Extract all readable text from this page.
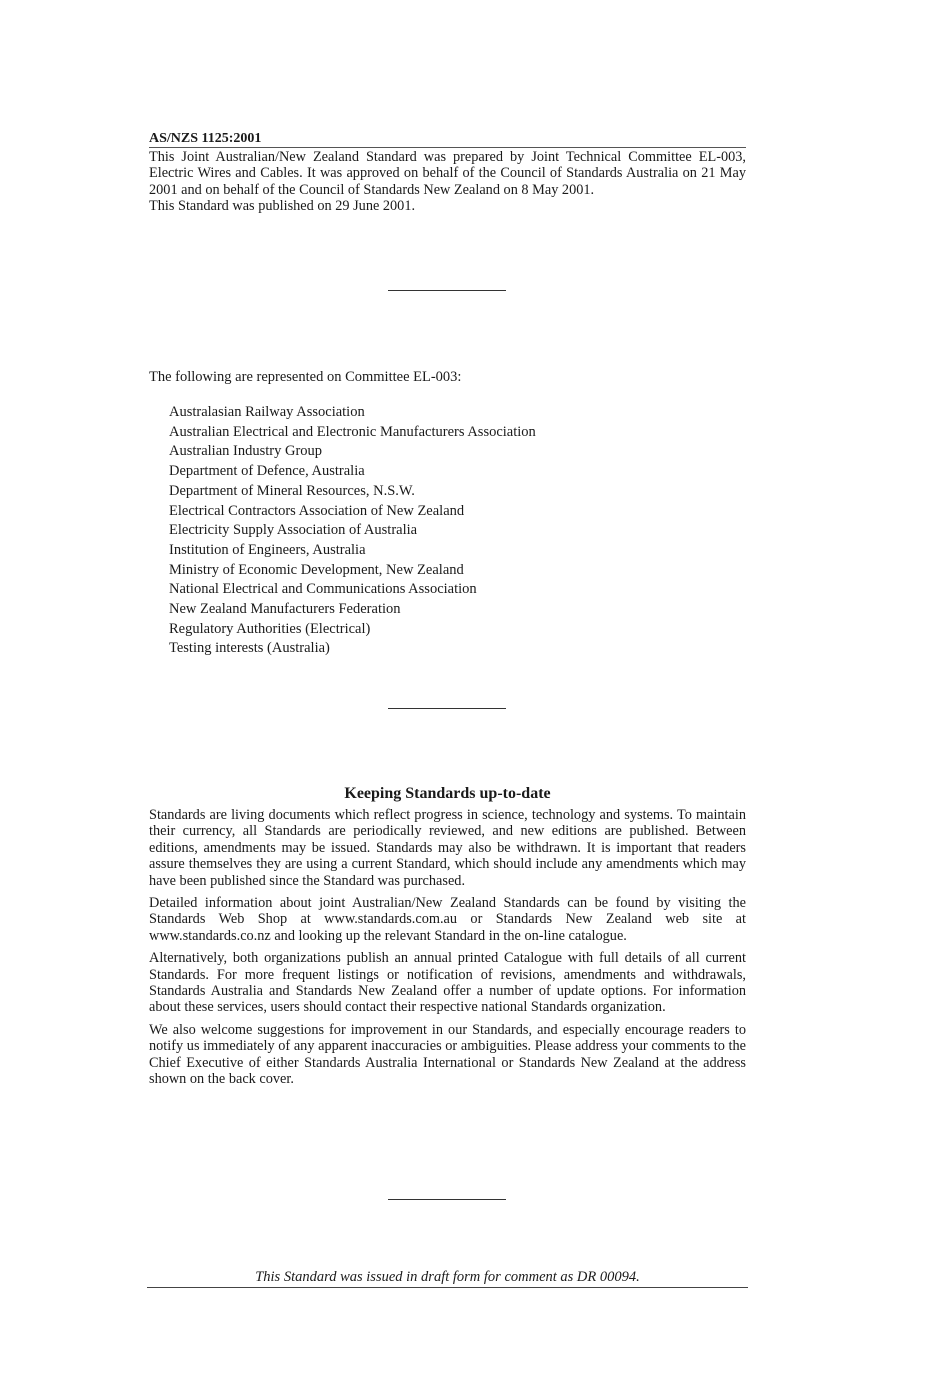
AS/NZS 1125:2001

This Joint Australian/New Zealand Standard was prepared by Joint Technical Committee EL-003, Electric Wires and Cables. It was approved on behalf of the Council of Standards Australia on 21 May 2001 and on behalf of the Council of Standards New Zealand on 8 May 2001.

This Standard was published on 29 June 2001.

The following are represented on Committee EL-003:
Australasian Railway Association
Australian Electrical and Electronic Manufacturers Association
Australian Industry Group
Department of Defence, Australia
Department of Mineral Resources, N.S.W.
Electrical Contractors Association of New Zealand
Electricity Supply Association of Australia
Institution of Engineers, Australia
Ministry of Economic Development, New Zealand
National Electrical and Communications Association
New Zealand Manufacturers Federation
Regulatory Authorities (Electrical)
Testing interests (Australia)
Keeping Standards up-to-date

Standards are living documents which reflect progress in science, technology and systems. To maintain their currency, all Standards are periodically reviewed, and new editions are published. Between editions, amendments may be issued. Standards may also be withdrawn. It is important that readers assure themselves they are using a current Standard, which should include any amendments which may have been published since the Standard was purchased.

Detailed information about joint Australian/New Zealand Standards can be found by visiting the Standards Web Shop at www.standards.com.au or Standards New Zealand web site at www.standards.co.nz and looking up the relevant Standard in the on-line catalogue.

Alternatively, both organizations publish an annual printed Catalogue with full details of all current Standards. For more frequent listings or notification of revisions, amendments and withdrawals, Standards Australia and Standards New Zealand offer a number of update options. For information about these services, users should contact their respective national Standards organization.

We also welcome suggestions for improvement in our Standards, and especially encourage readers to notify us immediately of any apparent inaccuracies or ambiguities. Please address your comments to the Chief Executive of either Standards Australia International or Standards New Zealand at the address shown on the back cover.

This Standard was issued in draft form for comment as DR 00094.
